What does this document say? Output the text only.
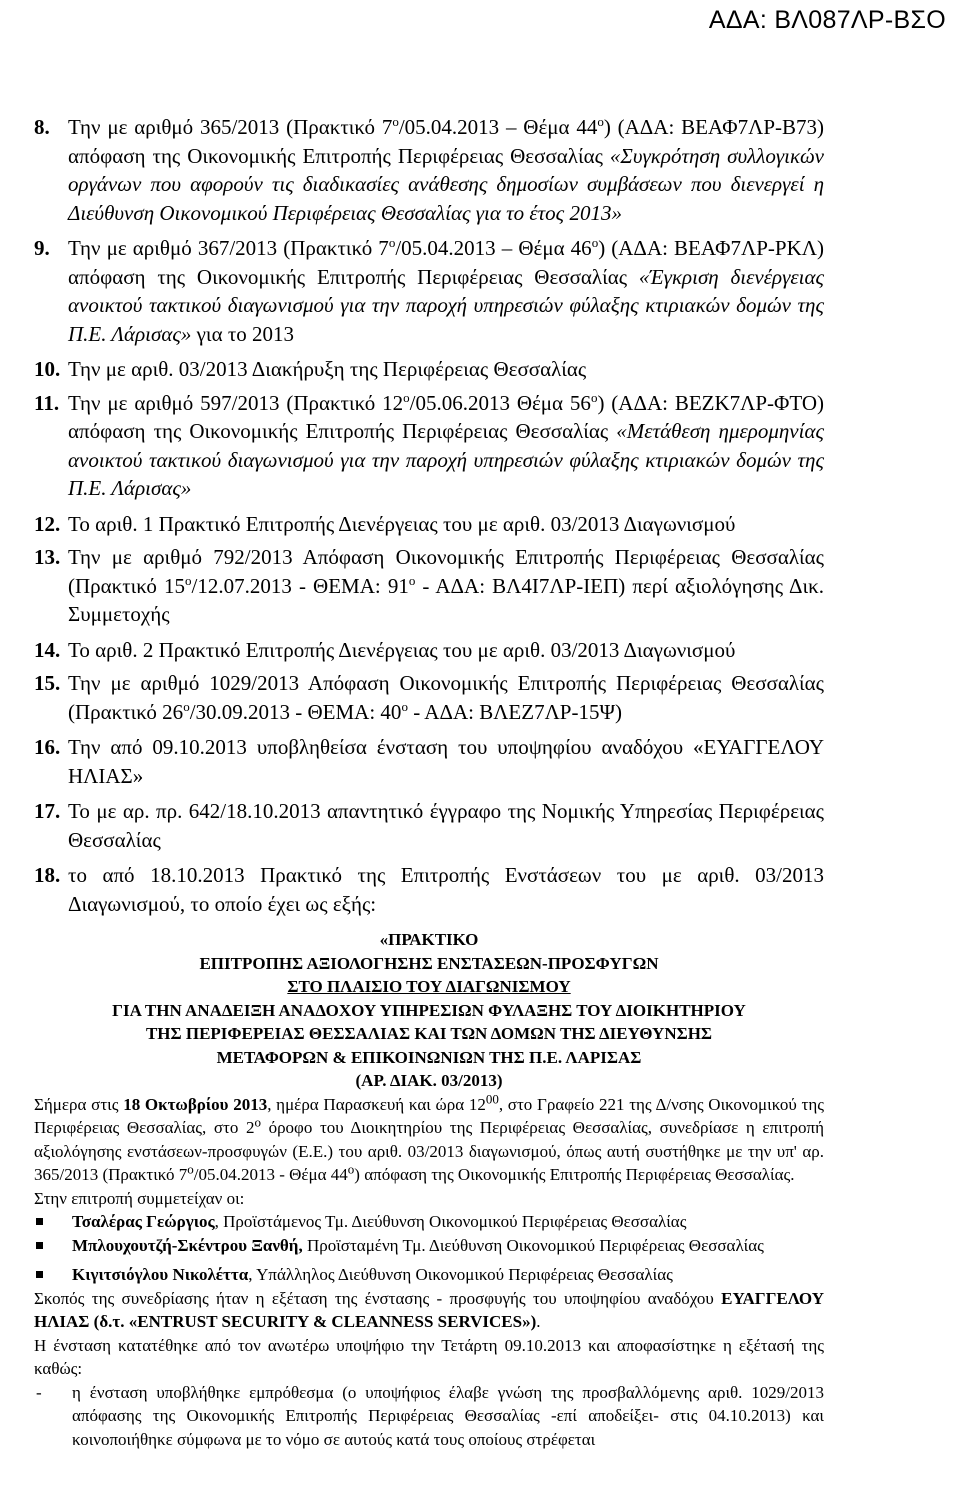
ΑΔΑ: ΒΛ087ΛΡ-ΒΣΟ
8. Την με αριθμό 365/2013 (Πρακτικό $7^o/05.04.2013$ – Θέμα $44^o$) (ΑΔΑ: ΒΕΑΦ7ΛΡ-Β73) απόφαση της Οικονομικής Επιτροπής Περιφέρειας Θεσσαλίας «Συγκρότηση συλλογικών οργάνων που αφορούν τις διαδικασίες ανάθεσης δημοσίων συμβάσεων που διενεργεί η Διεύθυνση Οικονομικού Περιφέρειας Θεσσαλίας για το έτος 2013»
9. Την με αριθμό 367/2013 (Πρακτικό $7^o/05.04.2013$ – Θέμα $46^o$) (ΑΔΑ: ΒΕΑΦ7ΛΡ-ΡΚΛ) απόφαση της Οικονομικής Επιτροπής Περιφέρειας Θεσσαλίας «Έγκριση διενέργειας ανοικτού τακτικού διαγωνισμού για την παροχή υπηρεσιών φύλαξης κτιριακών δομών της Π.Ε. Λάρισας» για το 2013
10. Την με αριθ. 03/2013 Διακήρυξη της Περιφέρειας Θεσσαλίας
11. Την με αριθμό 597/2013 (Πρακτικό $12^o/05.06.2013$ Θέμα $56^o$) (ΑΔΑ: ΒΕΖΚ7ΛΡ-ΦΤΟ) απόφαση της Οικονομικής Επιτροπής Περιφέρειας Θεσσαλίας «Μετάθεση ημερομηνίας ανοικτού τακτικού διαγωνισμού για την παροχή υπηρεσιών φύλαξης κτιριακών δομών της Π.Ε. Λάρισας»
12. Το αριθ. 1 Πρακτικό Επιτροπής Διενέργειας του με αριθ. 03/2013 Διαγωνισμού
13. Την με αριθμό 792/2013 Απόφαση Οικονομικής Επιτροπής Περιφέρειας Θεσσαλίας (Πρακτικό $15^o/12.07.2013$ - ΘΕΜΑ: $91^o$ - ΑΔΑ: ΒΛ4Ι7ΛΡ-ΙΕΠ) περί αξιολόγησης Δικ. Συμμετοχής
14. Το αριθ. 2 Πρακτικό Επιτροπής Διενέργειας του με αριθ. 03/2013 Διαγωνισμού
15. Την με αριθμό 1029/2013 Απόφαση Οικονομικής Επιτροπής Περιφέρειας Θεσσαλίας (Πρακτικό $26^o/30.09.2013$ - ΘΕΜΑ: $40^o$ - ΑΔΑ: ΒΛΕΖ7ΛΡ-15Ψ)
16. Την από 09.10.2013 υποβληθείσα ένσταση του υποψηφίου αναδόχου «ΕΥΑΓΓΕΛΟΥ ΗΛΙΑΣ»
17. Το με αρ. πρ. 642/18.10.2013 απαντητικό έγγραφο της Νομικής Υπηρεσίας Περιφέρειας Θεσσαλίας
18. το από 18.10.2013 Πρακτικό της Επιτροπής Ενστάσεων του με αριθ. 03/2013 Διαγωνισμού, το οποίο έχει ως εξής:

«ΠΡΑΚΤΙΚΟ

ΕΠΙΤΡΟΠΗΣ ΑΞΙΟΛΟΓΗΣΗΣ ΕΝΣΤΑΣΕΩΝ-ΠΡΟΣΦΥΓΩΝ

ΣΤΟ ΠΛΑΙΣΙΟ ΤΟΥ ΔΙΑΓΩΝΙΣΜΟΥ

ΓΙΑ ΤΗΝ ΑΝΑΔΕΙΞΗ ΑΝΑΔΟΧΟΥ ΥΠΗΡΕΣΙΩΝ ΦΥΛΑΞΗΣ ΤΟΥ ΔΙΟΙΚΗΤΗΡΙΟΥ

ΤΗΣ ΠΕΡΙΦΕΡΕΙΑΣ ΘΕΣΣΑΛΙΑΣ ΚΑΙ ΤΩΝ ΔΟΜΩΝ ΤΗΣ ΔΙΕΥΘΥΝΣΗΣ

ΜΕΤΑΦΟΡΩΝ & ΕΠΙΚΟΙΝΩΝΙΩΝ ΤΗΣ Π.Ε. ΛΑΡΙΣΑΣ

(ΑΡ. ΔΙΑΚ. 03/2013)

Σήμερα στις 18 Οκτωβρίου 2013, ημέρα Παρασκευή και ώρα $12^{00}$, στο Γραφείο 221 της Δ/νσης Οικονομικού της Περιφέρειας Θεσσαλίας, στο $2^o$ όροφο του Διοικητηρίου της Περιφέρειας Θεσσαλίας, συνεδρίασε η επιτροπή αξιολόγησης ενστάσεων-προσφυγών (Ε.Ε.) του αριθ. 03/2013 διαγωνισμού, όπως αυτή συστήθηκε με την υπ' αρ. 365/2013 (Πρακτικό $7^o/05.04.2013$ - Θέμα $44^o$) απόφαση της Οικονομικής Επιτροπής Περιφέρειας Θεσσαλίας.

Στην επιτροπή συμμετείχαν οι:

Τσαλέρας Γεώργιος, Προϊστάμενος Τμ. Διεύθυνση Οικονομικού Περιφέρειας Θεσσαλίας
Μπλουχουτζή-Σκέντρου Ξανθή, Προϊσταμένη Τμ. Διεύθυνση Οικονομικού Περιφέρειας Θεσσαλίας
Κιγιτσιόγλου Νικολέττα, Υπάλληλος Διεύθυνση Οικονομικού Περιφέρειας Θεσσαλίας

Σκοπός της συνεδρίασης ήταν η εξέταση της ένστασης - προσφυγής του υποψηφίου αναδόχου ΕΥΑΓΓΕΛΟΥ ΗΛΙΑΣ (δ.τ. «ENTRUST SECURITY & CLEANNESS SERVICES»).

Η ένσταση κατατέθηκε από τον ανωτέρω υποψήφιο την Τετάρτη 09.10.2013 και αποφασίστηκε η εξέτασή της καθώς:

- η ένσταση υποβλήθηκε εμπρόθεσμα (ο υποψήφιος έλαβε γνώση της προσβαλλόμενης αριθ. 1029/2013 απόφασης της Οικονομικής Επιτροπής Περιφέρειας Θεσσαλίας -επί αποδείξει- στις 04.10.2013) και κοινοποιήθηκε σύμφωνα με το νόμο σε αυτούς κατά τους οποίους στρέφεται
